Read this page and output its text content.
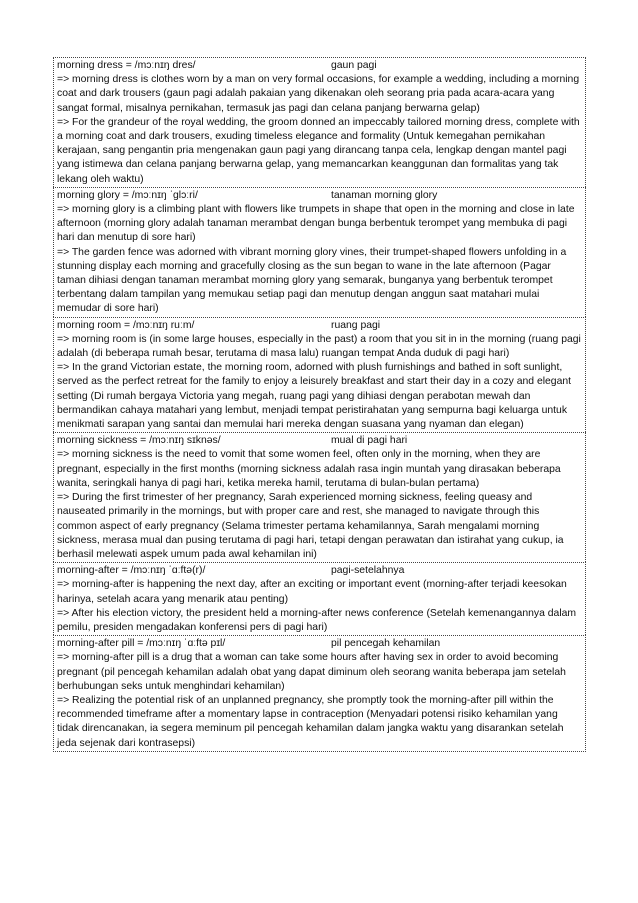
morning dress = /mɔːnɪŋ dres/	gaun pagi

=> morning dress is clothes worn by a man on very formal occasions, for example a wedding, including a morning coat and dark trousers (gaun pagi adalah pakaian yang dikenakan oleh seorang pria pada acara-acara yang sangat formal, misalnya pernikahan, termasuk jas pagi dan celana panjang berwarna gelap)

=> For the grandeur of the royal wedding, the groom donned an impeccably tailored morning dress, complete with a morning coat and dark trousers, exuding timeless elegance and formality (Untuk kemegahan pernikahan kerajaan, sang pengantin pria mengenakan gaun pagi yang dirancang tanpa cela, lengkap dengan mantel pagi yang istimewa dan celana panjang berwarna gelap, yang memancarkan keanggunan dan formalitas yang tak lekang oleh waktu)

morning glory = /mɔːnɪŋ ˈɡlɔːri/	tanaman morning glory

=> morning glory is a climbing plant with flowers like trumpets in shape that open in the morning and close in late afternoon (morning glory adalah tanaman merambat dengan bunga berbentuk terompet yang membuka di pagi hari dan menutup di sore hari)

=> The garden fence was adorned with vibrant morning glory vines, their trumpet-shaped flowers unfolding in a stunning display each morning and gracefully closing as the sun began to wane in the late afternoon (Pagar taman dihiasi dengan tanaman merambat morning glory yang semarak, bunganya yang berbentuk terompet terbentang dalam tampilan yang memukau setiap pagi dan menutup dengan anggun saat matahari mulai memudar di sore hari)

morning room = /mɔːnɪŋ ruːm/	ruang pagi

=> morning room is (in some large houses, especially in the past) a room that you sit in in the morning (ruang pagi adalah (di beberapa rumah besar, terutama di masa lalu) ruangan tempat Anda duduk di pagi hari)

=> In the grand Victorian estate, the morning room, adorned with plush furnishings and bathed in soft sunlight, served as the perfect retreat for the family to enjoy a leisurely breakfast and start their day in a cozy and elegant setting (Di rumah bergaya Victoria yang megah, ruang pagi yang dihiasi dengan perabotan mewah dan bermandikan cahaya matahari yang lembut, menjadi tempat peristirahatan yang sempurna bagi keluarga untuk menikmati sarapan yang santai dan memulai hari mereka dengan suasana yang nyaman dan elegan)

morning sickness = /mɔːnɪŋ sɪknəs/	mual di pagi hari

=> morning sickness is the need to vomit that some women feel, often only in the morning, when they are pregnant, especially in the first months (morning sickness adalah rasa ingin muntah yang dirasakan beberapa wanita, seringkali hanya di pagi hari, ketika mereka hamil, terutama di bulan-bulan pertama)

=> During the first trimester of her pregnancy, Sarah experienced morning sickness, feeling queasy and nauseated primarily in the mornings, but with proper care and rest, she managed to navigate through this common aspect of early pregnancy (Selama trimester pertama kehamilannya, Sarah mengalami morning sickness, merasa mual dan pusing terutama di pagi hari, tetapi dengan perawatan dan istirahat yang cukup, ia berhasil melewati aspek umum pada awal kehamilan ini)

morning-after = /mɔːnɪŋ ˈɑːftə(r)/	pagi-setelahnya

=> morning-after is happening the next day, after an exciting or important event (morning-after terjadi keesokan harinya, setelah acara yang menarik atau penting)

=> After his election victory, the president held a morning-after news conference (Setelah kemenangannya dalam pemilu, presiden mengadakan konferensi pers di pagi hari)

morning-after pill = /mɔːnɪŋ ˈɑːftə pɪl/	pil pencegah kehamilan

=> morning-after pill is a drug that a woman can take some hours after having sex in order to avoid becoming pregnant (pil pencegah kehamilan adalah obat yang dapat diminum oleh seorang wanita beberapa jam setelah berhubungan seks untuk menghindari kehamilan)

=> Realizing the potential risk of an unplanned pregnancy, she promptly took the morning-after pill within the recommended timeframe after a momentary lapse in contraception (Menyadari potensi risiko kehamilan yang tidak direncanakan, ia segera meminum pil pencegah kehamilan dalam jangka waktu yang disarankan setelah jeda sejenak dari kontrasepsi)
